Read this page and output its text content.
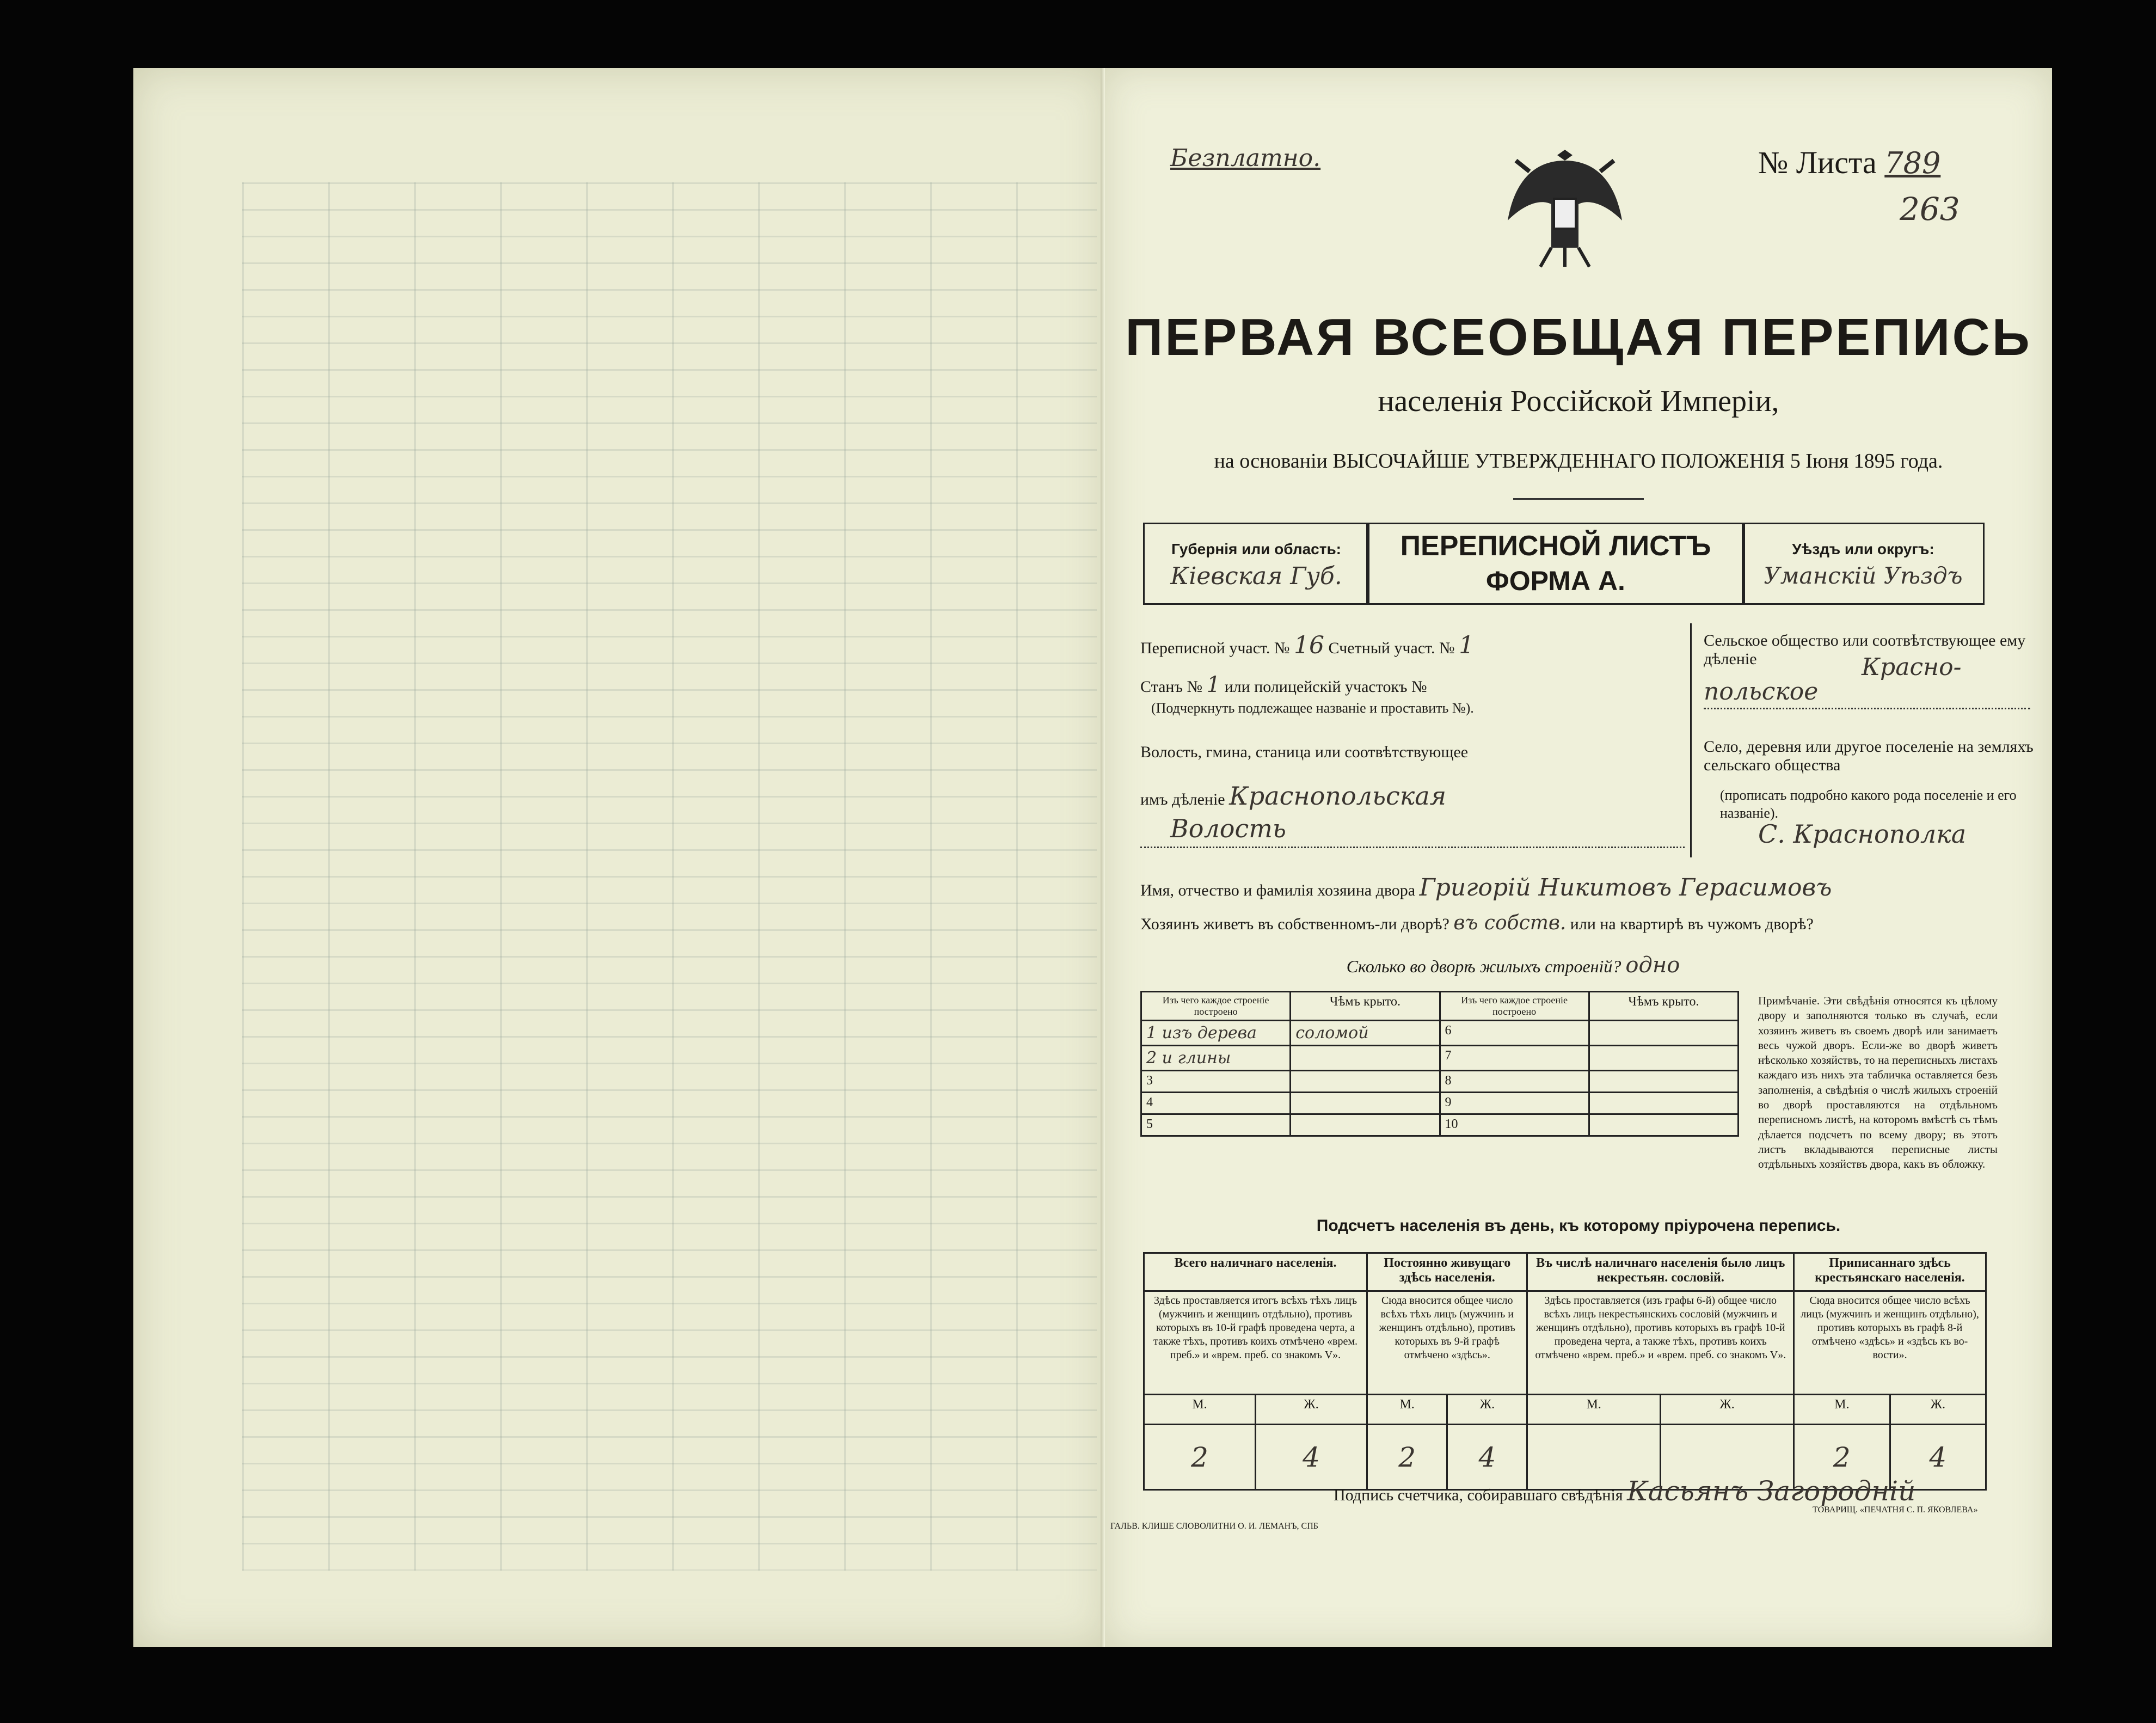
Безплатно.	№ Листа 789
263
ПЕРВАЯ ВСЕОБЩАЯ ПЕРЕПИСЬ
населенія Россійской Имперіи,
на основаніи ВЫСОЧАЙШЕ УТВЕРЖДЕННАГО ПОЛОЖЕНІЯ 5 Іюня 1895 года.
Губернія или область:
Кіевская Губ.
ПЕРЕПИСНОЙ ЛИСТЪ
ФОРМА А.
Уѣздъ или округъ:
Уманскій Уѣздъ
Переписной участ. № 16 Счетный участ. № 1
Станъ № 1 или полицейскій участокъ №
(Подчеркнуть подлежащее названіе и проставить №).
Волость, гмина, станица или соотвѣтствующее
имъ дѣленіе Краснопольская
Волость
Сельское общество или соотвѣтствующее ему дѣленіе	Красно-
польское
Село, деревня или другое поселеніе на земляхъ сельскаго общества
(прописать подробно какого рода поселеніе и его названіе).
С. Краснополка
Имя, отчество и фамилія хозяина двора Григорій Никитовъ Герасимовъ
Хозяинъ живетъ въ собственномъ-ли дворѣ? въ собств. или на квартирѣ въ чужомъ дворѣ?
Сколько во дворѣ жилыхъ строеній? одно
Изъ чего каждое строеніе построено	Чѣмъ крыто.	Изъ чего каждое строеніе построено	Чѣмъ крыто.
1 изъ дерева	соломой	6	
2 и глины		7	
3		8	
4		9	
5		10	
Примѣчаніе. Эти свѣдѣнія относятся къ цѣлому двору и заполняются только въ случаѣ, если хозяинъ живетъ въ своемъ дворѣ или занимаетъ весь чужой дворъ. Если-же во дворѣ живетъ нѣсколько хозяйствъ, то на переписныхъ листахъ каждаго изъ нихъ эта табличка оставляется безъ заполненія, а свѣдѣнія о числѣ жилыхъ строеній во дворѣ проставляются на отдѣльномъ переписномъ листѣ, на которомъ вмѣстѣ съ тѣмъ дѣлается подсчетъ по всему двору; въ этотъ листъ вкладываются переписные листы отдѣльныхъ хозяйствъ двора, какъ въ обложку.
Подсчетъ населенія въ день, къ которому пріурочена перепись.
Всего наличнаго населенія.		Постоянно живущаго здѣсь населенія.		Въ числѣ наличнаго населенія было лицъ некрестьян. сословій.		Приписаннаго здѣсь крестьянскаго населенія.	
Здѣсь проставляется итогъ всѣхъ тѣхъ лицъ (мужчинъ и женщинъ отдѣльно), противъ которыхъ въ 10-й графѣ проведена черта, а также тѣхъ, противъ коихъ отмѣчено «врем. преб.» и «врем. преб. со знакомъ V».		Сюда вносится общее число всѣхъ тѣхъ лицъ (мужчинъ и женщинъ отдѣльно), противъ которыхъ въ 9-й графѣ отмѣчено «здѣсь».		Здѣсь проставляется (изъ графы 6-й) общее число всѣхъ лицъ некрестьянскихъ сословій (мужчинъ и женщинъ отдѣльно), противъ которыхъ въ графѣ 10-й проведена черта, а также тѣхъ, противъ коихъ отмѣчено «врем. преб.» и «врем. преб. со знакомъ V».		Сюда вносится общее число всѣхъ лицъ (мужчинъ и женщинъ отдѣльно), противъ которыхъ въ графѣ 8-й отмѣчено «здѣсь» и «здѣсь къ во-вости».	
М.	Ж.	М.	Ж.	М.	Ж.	М.	Ж.
2	4	2	4			2	4
Подпись счетчика, собиравшаго свѣдѣнія Касьянъ Загородній
ГАЛЬВ. КЛИШЕ СЛОВОЛИТНИ О. И. ЛЕМАНЪ, СПБ
ТОВАРИЩ. «ПЕЧАТНЯ С. П. ЯКОВЛЕВА»
